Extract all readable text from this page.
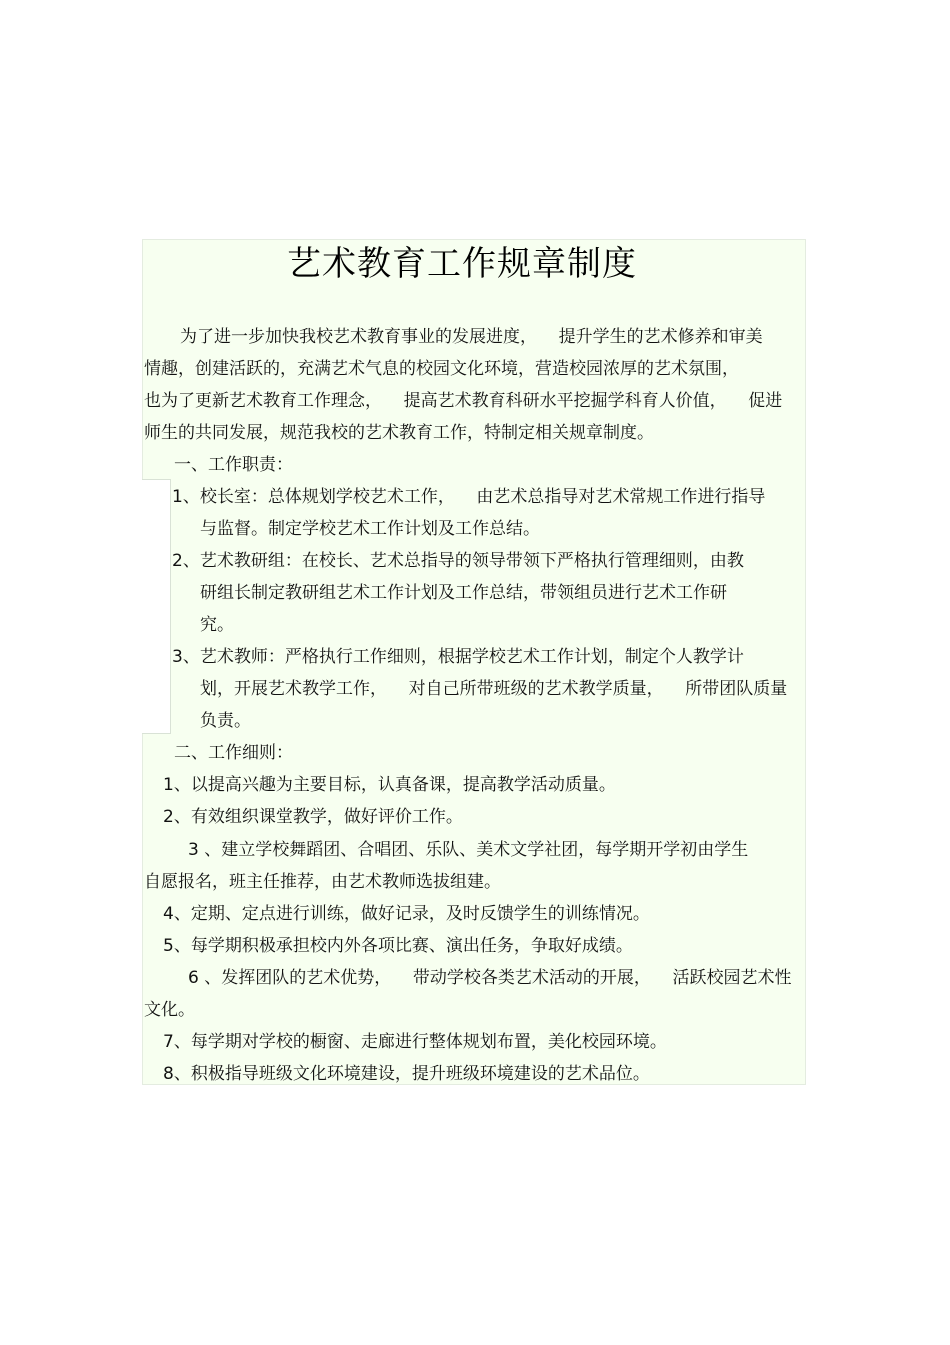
艺术教育工作规章制度
为了进一步加快我校艺术教育事业的发展进度，    提升学生的艺术修养和审美
情趣，创建活跃的，充满艺术气息的校园文化环境，营造校园浓厚的艺术氛围，
也为了更新艺术教育工作理念，    提高艺术教育科研水平挖掘学科育人价值，    促进
师生的共同发展，规范我校的艺术教育工作，特制定相关规章制度。
一、工作职责：
1、校长室：总体规划学校艺术工作，    由艺术总指导对艺术常规工作进行指导
与监督。制定学校艺术工作计划及工作总结。
2、艺术教研组：在校长、艺术总指导的领导带领下严格执行管理细则，由教
研组长制定教研组艺术工作计划及工作总结，带领组员进行艺术工作研
究。
3、艺术教师：严格执行工作细则，根据学校艺术工作计划，制定个人教学计
划，开展艺术教学工作，    对自己所带班级的艺术教学质量，    所带团队质量
负责。
二、工作细则：
1、以提高兴趣为主要目标，认真备课，提高教学活动质量。
2、有效组织课堂教学，做好评价工作。
3 、建立学校舞蹈团、合唱团、乐队、美术文学社团，每学期开学初由学生
自愿报名，班主任推荐，由艺术教师选拔组建。
4、定期、定点进行训练，做好记录，及时反馈学生的训练情况。
5、每学期积极承担校内外各项比赛、演出任务，争取好成绩。
6 、发挥团队的艺术优势，    带动学校各类艺术活动的开展，    活跃校园艺术性
文化。
7、每学期对学校的橱窗、走廊进行整体规划布置，美化校园环境。
8、积极指导班级文化环境建设，提升班级环境建设的艺术品位。
